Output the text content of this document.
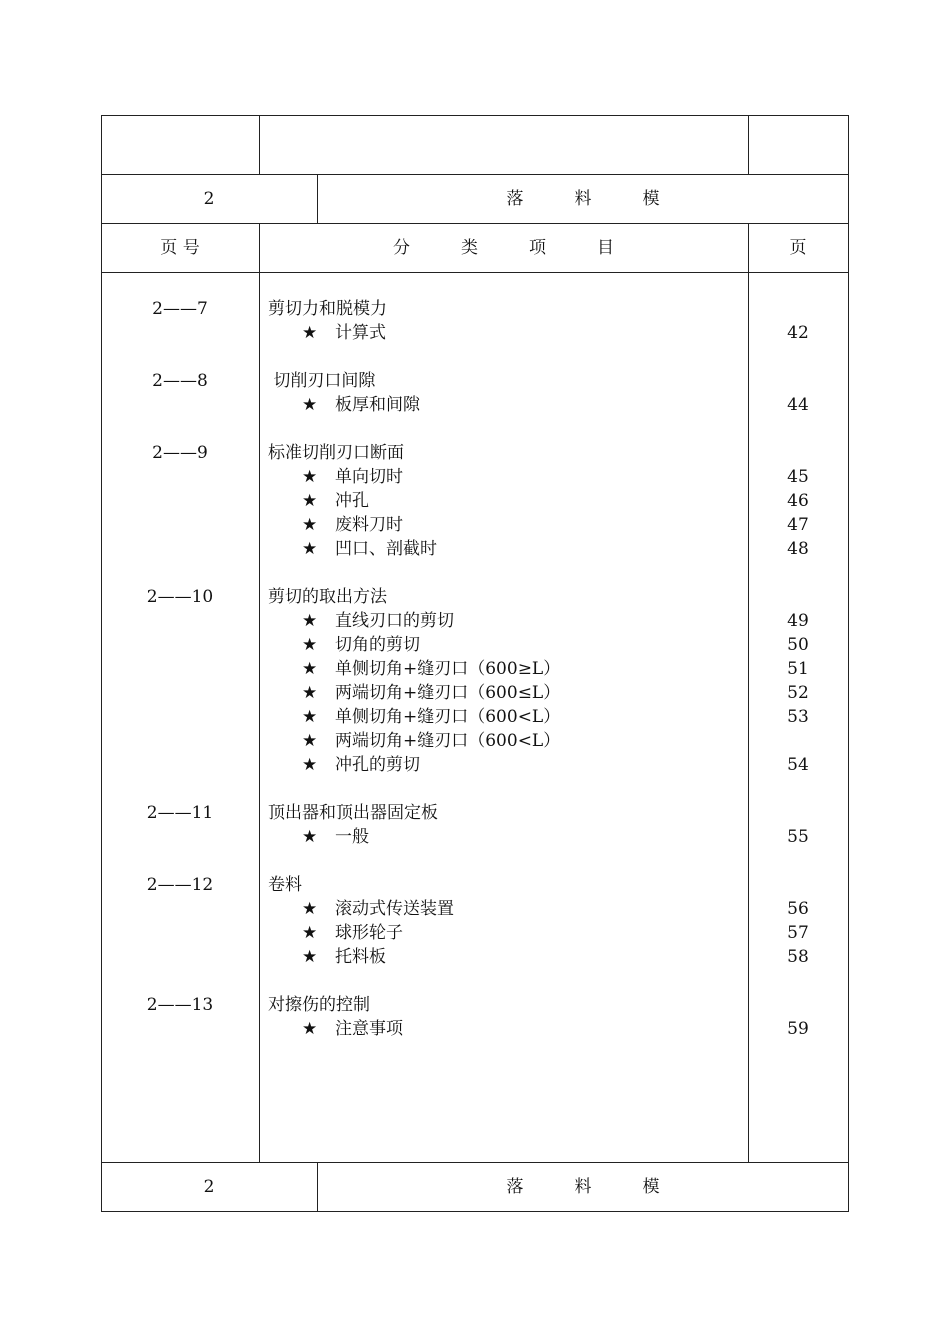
2	落　　　料　　　模
页 号	分　　　类　　　项　　　目	页
2——7	剪切力和脱模力
★ 计算式	42
2——8	切削刃口间隙
★ 板厚和间隙	44
2——9	标准切削刃口断面
★ 单向切时	45
★ 冲孔	46
★ 废料刀时	47
★ 凹口、剖截时	48
2——10	剪切的取出方法
★ 直线刃口的剪切	49
★ 切角的剪切	50
★ 单侧切角+缝刃口（600≥L）	51
★ 两端切角+缝刃口（600≤L）	52
★ 单侧切角+缝刃口（600<L）	53
★ 两端切角+缝刃口（600<L）
★ 冲孔的剪切	54
2——11	顶出器和顶出器固定板
★ 一般	55
2——12	卷料
★ 滚动式传送装置	56
★ 球形轮子	57
★ 托料板	58
2——13	对擦伤的控制
★ 注意事项	59
2	落　　　料　　　模
